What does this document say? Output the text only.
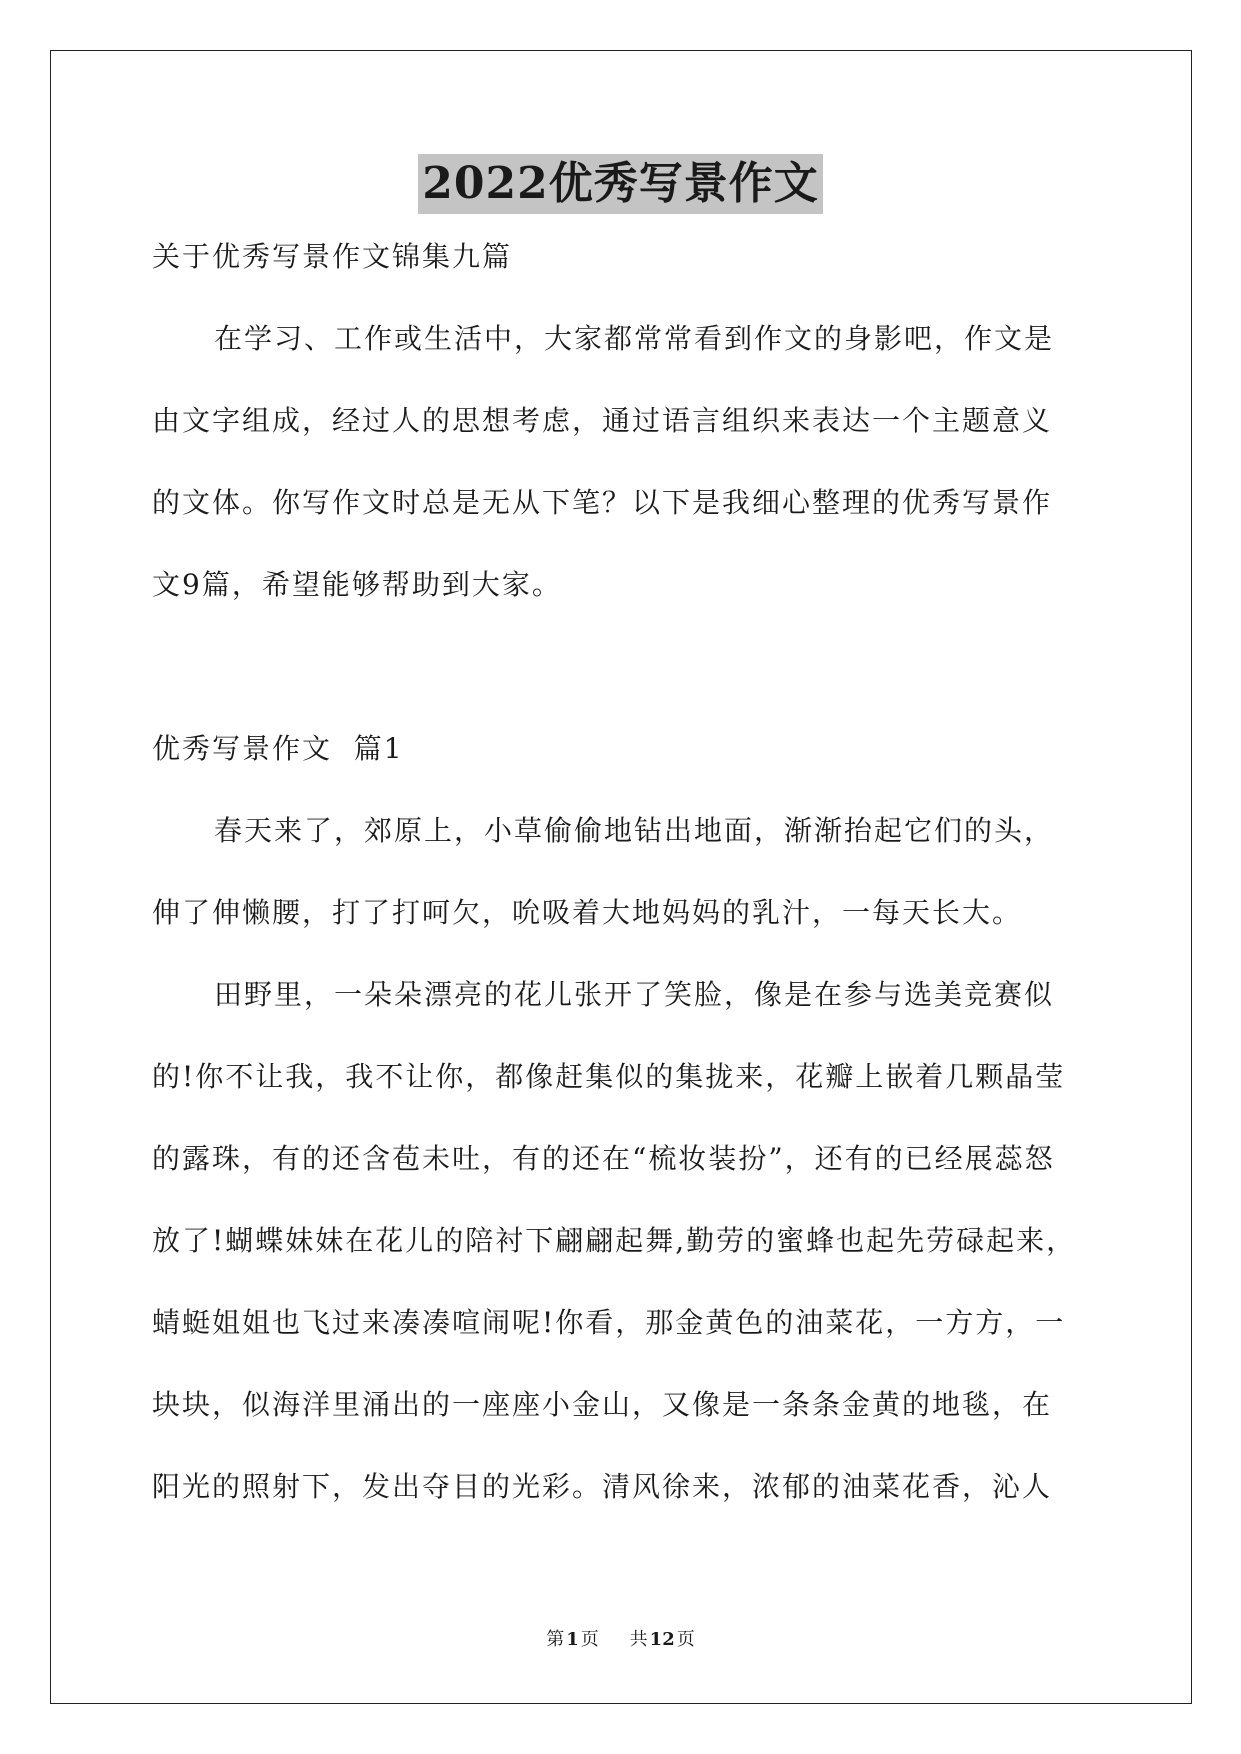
2022优秀写景作文
关于优秀写景作文锦集九篇
在学习、工作或生活中，大家都常常看到作文的身影吧，作文是
由文字组成，经过人的思想考虑，通过语言组织来表达一个主题意义
的文体。你写作文时总是无从下笔？以下是我细心整理的优秀写景作
文9篇，希望能够帮助到大家。
优秀写景作文  篇1
春天来了，郊原上，小草偷偷地钻出地面，渐渐抬起它们的头，
伸了伸懒腰，打了打呵欠，吮吸着大地妈妈的乳汁，一每天长大。
田野里，一朵朵漂亮的花儿张开了笑脸，像是在参与选美竞赛似
的!你不让我，我不让你，都像赶集似的集拢来，花瓣上嵌着几颗晶莹
的露珠，有的还含苞未吐，有的还在“梳妆装扮”，还有的已经展蕊怒
放了!蝴蝶妹妹在花儿的陪衬下翩翩起舞,勤劳的蜜蜂也起先劳碌起来，
蜻蜓姐姐也飞过来凑凑喧闹呢!你看，那金黄色的油菜花，一方方，一
块块，似海洋里涌出的一座座小金山，又像是一条条金黄的地毯，在
阳光的照射下，发出夺目的光彩。清风徐来，浓郁的油菜花香，沁人
第 1 页 共 12 页
